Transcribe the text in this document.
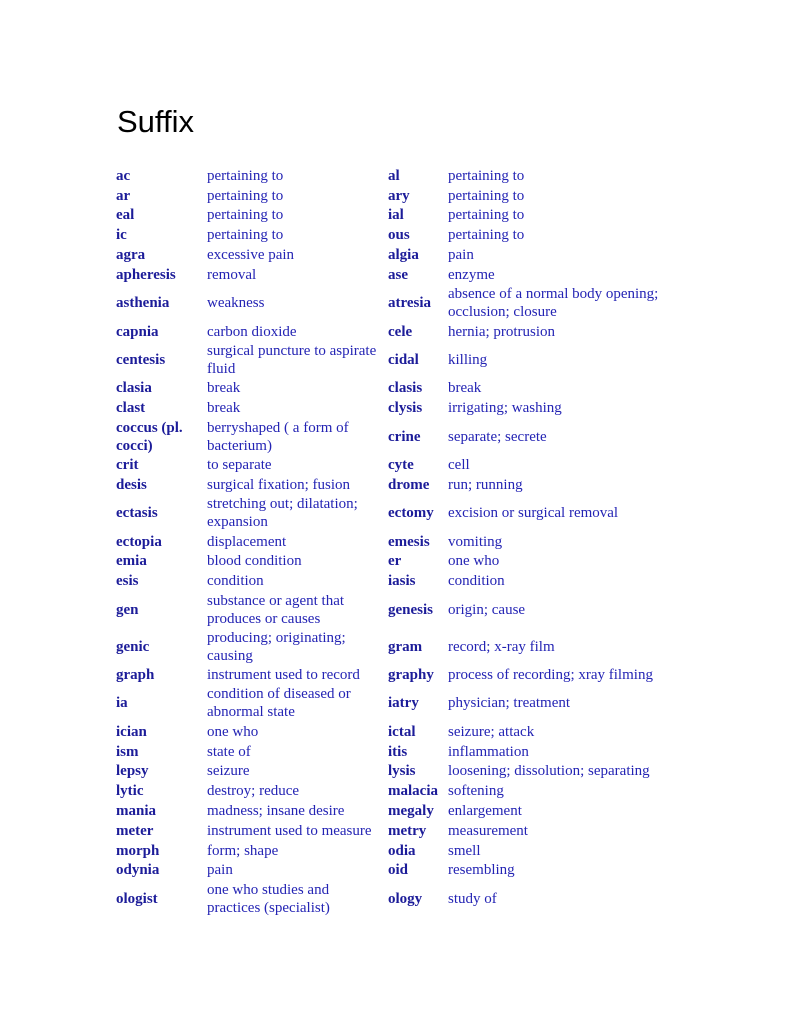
Suffix
ac	pertaining to	al	pertaining to
ar	pertaining to	ary	pertaining to
eal	pertaining to	ial	pertaining to
ic	pertaining to	ous	pertaining to
agra	excessive pain	algia	pain
apheresis	removal	ase	enzyme
asthenia	weakness	atresia	absence of a normal body opening; occlusion; closure
capnia	carbon dioxide	cele	hernia; protrusion
centesis	surgical puncture to aspirate fluid	cidal	killing
clasia	break	clasis	break
clast	break	clysis	irrigating; washing
coccus (pl. cocci)	berryshaped ( a form of bacterium)	crine	separate; secrete
crit	to separate	cyte	cell
desis	surgical fixation; fusion	drome	run; running
ectasis	stretching out; dilatation; expansion	ectomy	excision or surgical removal
ectopia	displacement	emesis	vomiting
emia	blood condition	er	one who
esis	condition	iasis	condition
gen	substance or agent that produces or causes	genesis	origin; cause
genic	producing; originating; causing	gram	record; x-ray film
graph	instrument used to record	graphy	process of recording; xray filming
ia	condition of diseased or abnormal state	iatry	physician; treatment
ician	one who	ictal	seizure; attack
ism	state of	itis	inflammation
lepsy	seizure	lysis	loosening; dissolution; separating
lytic	destroy; reduce	malacia	softening
mania	madness; insane desire	megaly	enlargement
meter	instrument used to measure	metry	measurement
morph	form; shape	odia	smell
odynia	pain	oid	resembling
ologist	one who studies and practices (specialist)	ology	study of
